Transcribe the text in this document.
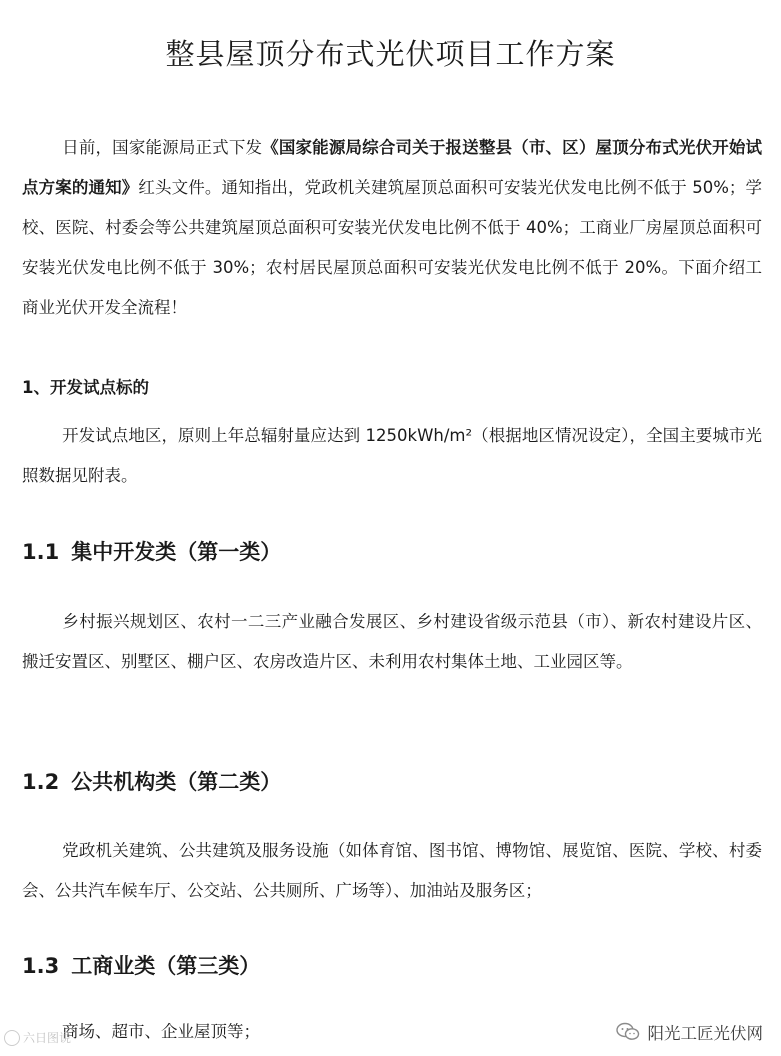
整县屋顶分布式光伏项目工作方案

日前，国家能源局正式下发《国家能源局综合司关于报送整县（市、区）屋顶分布式光伏开始试点方案的通知》红头文件。通知指出，党政机关建筑屋顶总面积可安装光伏发电比例不低于 50%；学校、医院、村委会等公共建筑屋顶总面积可安装光伏发电比例不低于 40%；工商业厂房屋顶总面积可安装光伏发电比例不低于 30%；农村居民屋顶总面积可安装光伏发电比例不低于 20%。下面介绍工商业光伏开发全流程！

1、开发试点标的

开发试点地区，原则上年总辐射量应达到 1250kWh/m²（根据地区情况设定），全国主要城市光照数据见附表。

1.1 集中开发类（第一类）

乡村振兴规划区、农村一二三产业融合发展区、乡村建设省级示范县（市）、新农村建设片区、搬迁安置区、别墅区、棚户区、农房改造片区、未利用农村集体土地、工业园区等。

1.2 公共机构类（第二类）

党政机关建筑、公共建筑及服务设施（如体育馆、图书馆、博物馆、展览馆、医院、学校、村委会、公共汽车候车厅、公交站、公共厕所、广场等）、加油站及服务区；

1.3 工商业类（第三类）

商场、超市、企业屋顶等；

六日图说	阳光工匠光伏网
